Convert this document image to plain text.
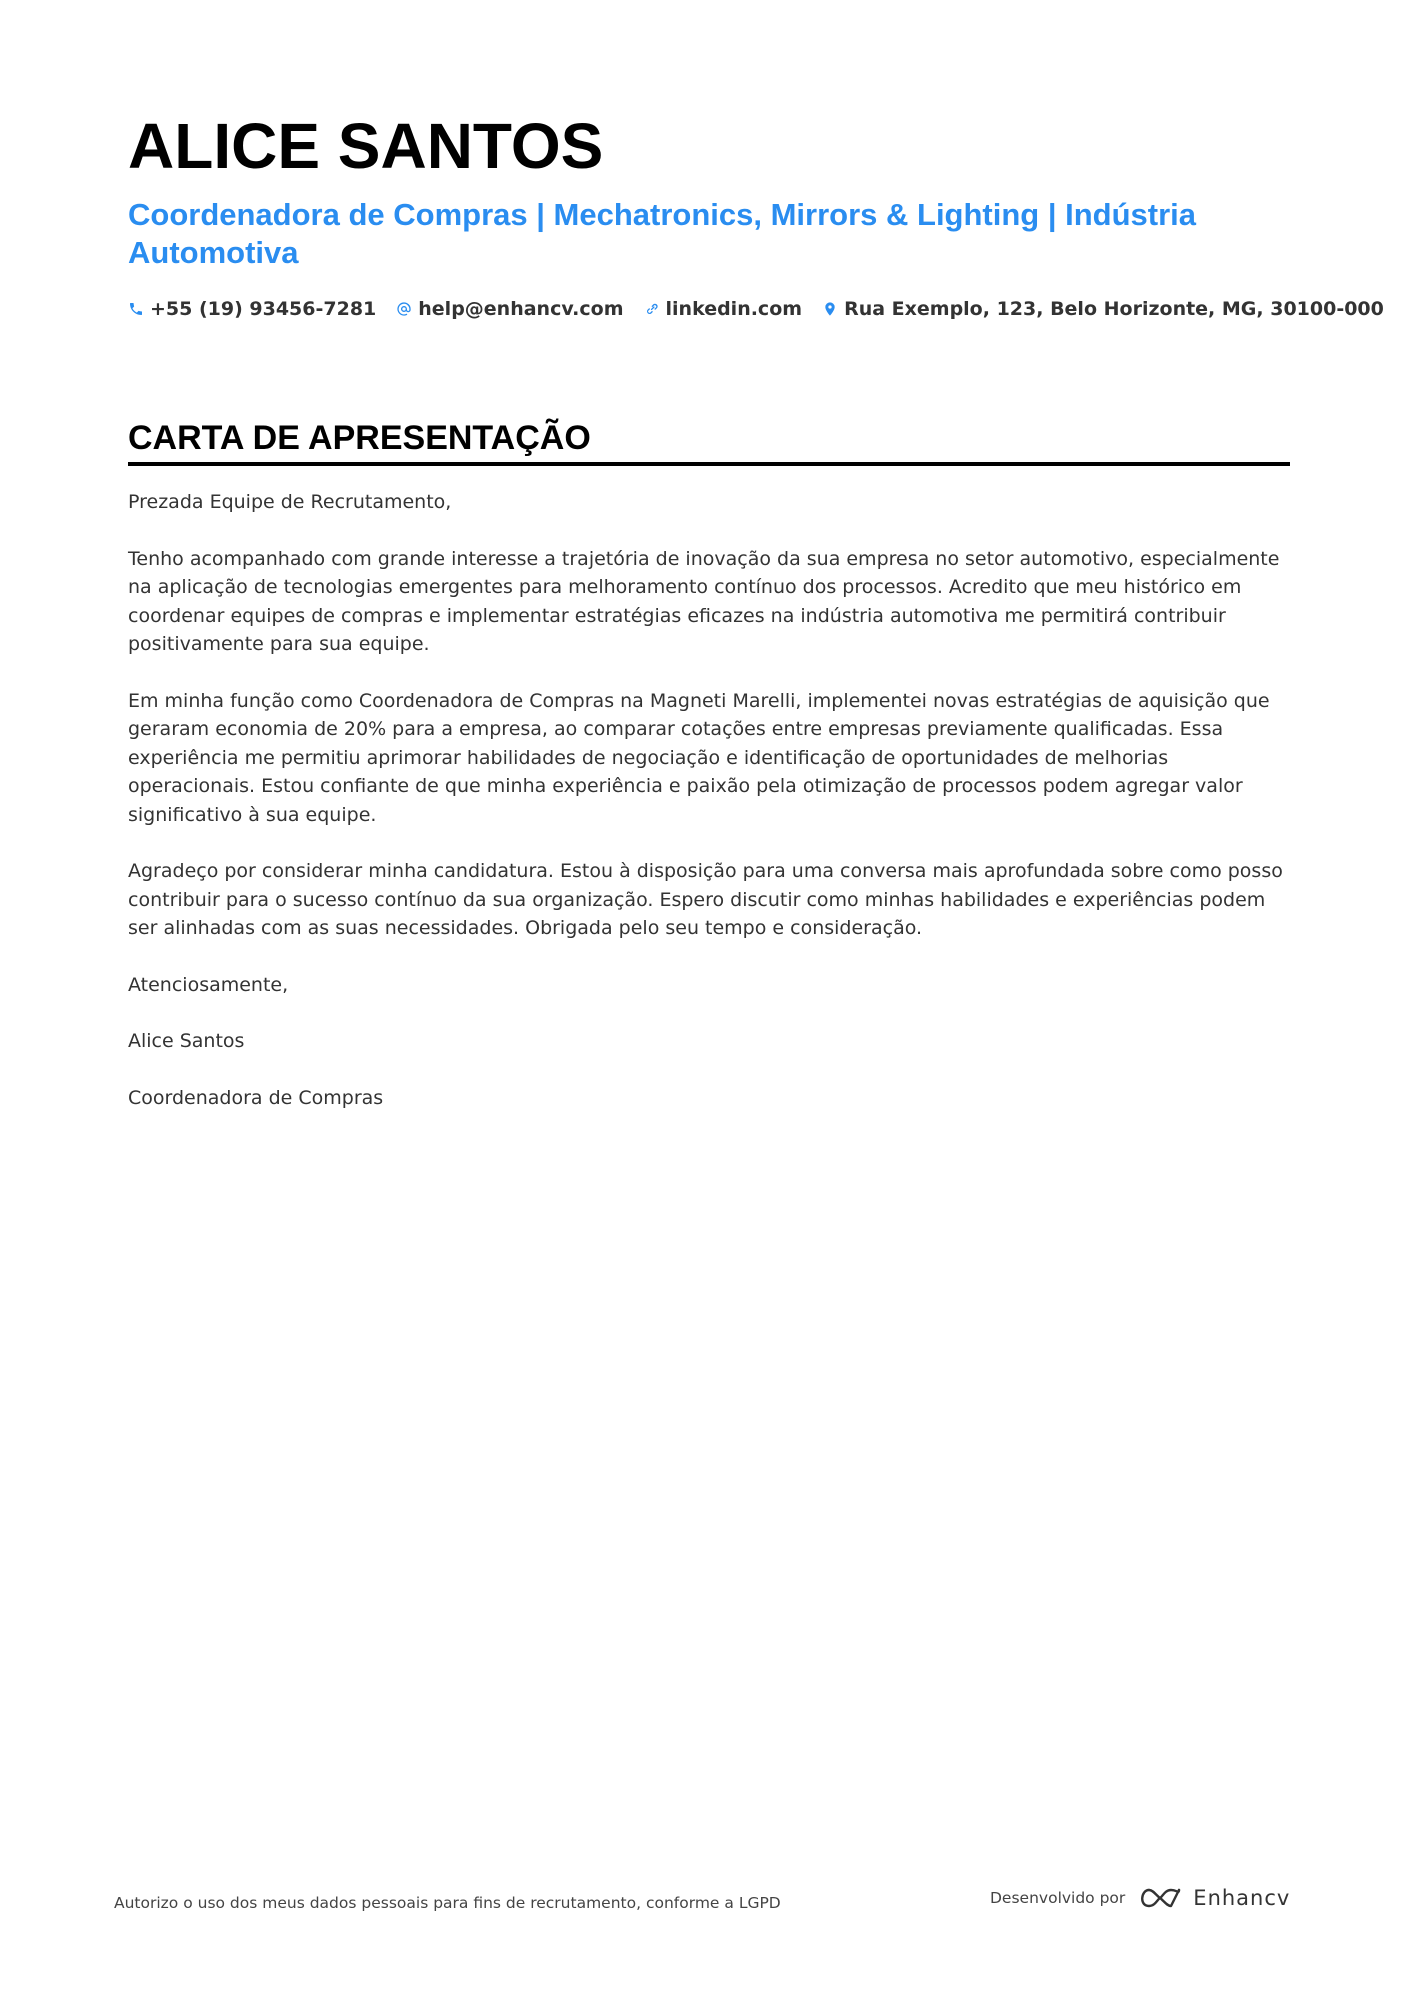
ALICE SANTOS
Coordenadora de Compras | Mechatronics, Mirrors & Lighting | Indústria Automotiva
+55 (19) 93456-7281 help@enhancv.com linkedin.com Rua Exemplo, 123, Belo Horizonte, MG, 30100-000
CARTA DE APRESENTAÇÃO

Prezada Equipe de Recrutamento,

Tenho acompanhado com grande interesse a trajetória de inovação da sua empresa no setor automotivo, especialmente na aplicação de tecnologias emergentes para melhoramento contínuo dos processos. Acredito que meu histórico em coordenar equipes de compras e implementar estratégias eficazes na indústria automotiva me permitirá contribuir positivamente para sua equipe.

Em minha função como Coordenadora de Compras na Magneti Marelli, implementei novas estratégias de aquisição que geraram economia de 20% para a empresa, ao comparar cotações entre empresas previamente qualificadas. Essa experiência me permitiu aprimorar habilidades de negociação e identificação de oportunidades de melhorias operacionais. Estou confiante de que minha experiência e paixão pela otimização de processos podem agregar valor significativo à sua equipe.

Agradeço por considerar minha candidatura. Estou à disposição para uma conversa mais aprofundada sobre como posso contribuir para o sucesso contínuo da sua organização. Espero discutir como minhas habilidades e experiências podem ser alinhadas com as suas necessidades. Obrigada pelo seu tempo e consideração.

Atenciosamente,

Alice Santos

Coordenadora de Compras

Autorizo o uso dos meus dados pessoais para fins de recrutamento, conforme a LGPD	Desenvolvido por	Enhancv
